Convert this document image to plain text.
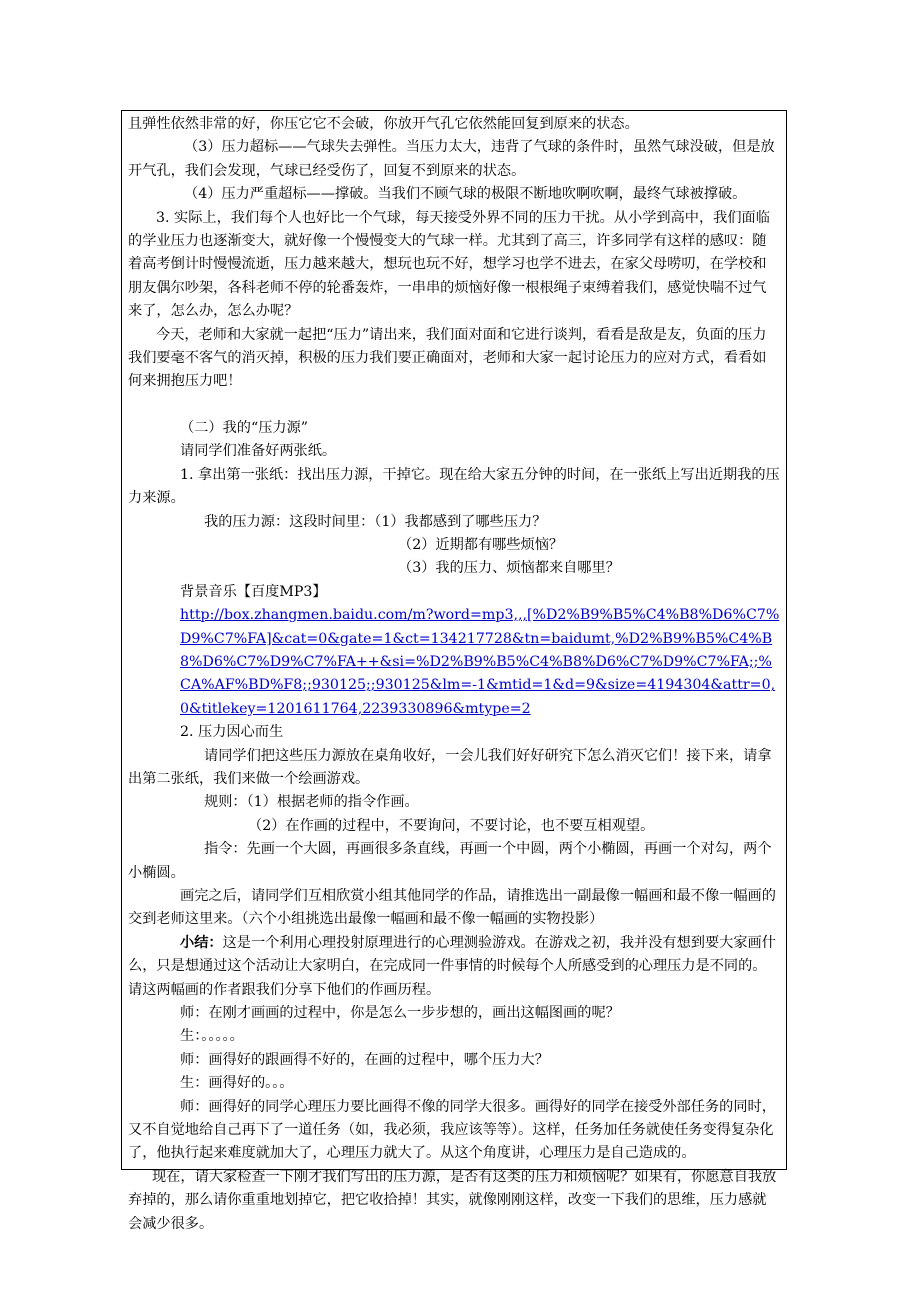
且弹性依然非常的好，你压它它不会破，你放开气孔它依然能回复到原来的状态。

（3）压力超标——气球失去弹性。当压力太大，违背了气球的条件时，虽然气球没破，但是放开气孔，我们会发现，气球已经受伤了，回复不到原来的状态。

（4）压力严重超标——撑破。当我们不顾气球的极限不断地吹啊吹啊，最终气球被撑破。

3. 实际上，我们每个人也好比一个气球，每天接受外界不同的压力干扰。从小学到高中，我们面临的学业压力也逐渐变大，就好像一个慢慢变大的气球一样。尤其到了高三，许多同学有这样的感叹：随着高考倒计时慢慢流逝，压力越来越大，想玩也玩不好，想学习也学不进去，在家父母唠叨，在学校和朋友偶尔吵架，各科老师不停的轮番轰炸，一串串的烦恼好像一根根绳子束缚着我们，感觉快喘不过气来了，怎么办，怎么办呢？

今天，老师和大家就一起把“压力”请出来，我们面对面和它进行谈判，看看是敌是友，负面的压力我们要毫不客气的消灭掉，积极的压力我们要正确面对，老师和大家一起讨论压力的应对方式，看看如何来拥抱压力吧！

（二）我的“压力源”

请同学们准备好两张纸。

1. 拿出第一张纸：找出压力源，干掉它。现在给大家五分钟的时间，在一张纸上写出近期我的压力来源。

我的压力源：这段时间里：（1）我都感到了哪些压力？

（2）近期都有哪些烦恼？

（3）我的压力、烦恼都来自哪里？

背景音乐【百度MP3】

http://box.zhangmen.baidu.com/m?word=mp3,,,[%D2%B9%B5%C4%B8%D6%C7%D9%C7%FA]&cat=0&gate=1&ct=134217728&tn=baidumt,%D2%B9%B5%C4%B8%D6%C7%D9%C7%FA++&si=%D2%B9%B5%C4%B8%D6%C7%D9%C7%FA;;%CA%AF%BD%F8;;930125;;930125&lm=-1&mtid=1&d=9&size=4194304&attr=0,0&titlekey=1201611764,2239330896&mtype=2

2. 压力因心而生

请同学们把这些压力源放在桌角收好，一会儿我们好好研究下怎么消灭它们！接下来，请拿出第二张纸，我们来做一个绘画游戏。

规则：（1）根据老师的指令作画。

（2）在作画的过程中，不要询问，不要讨论，也不要互相观望。

指令：先画一个大圆，再画很多条直线，再画一个中圆，两个小椭圆，再画一个对勾，两个小椭圆。

画完之后，请同学们互相欣赏小组其他同学的作品，请推选出一副最像一幅画和最不像一幅画的交到老师这里来。（六个小组挑选出最像一幅画和最不像一幅画的实物投影）

小结：这是一个利用心理投射原理进行的心理测验游戏。在游戏之初，我并没有想到要大家画什么，只是想通过这个活动让大家明白，在完成同一件事情的时候每个人所感受到的心理压力是不同的。请这两幅画的作者跟我们分享下他们的作画历程。

师：在刚才画画的过程中，你是怎么一步步想的，画出这幅图画的呢？

生：。。。。。

师：画得好的跟画得不好的，在画的过程中，哪个压力大？

生：画得好的。。。

师：画得好的同学心理压力要比画得不像的同学大很多。画得好的同学在接受外部任务的同时，又不自觉地给自己再下了一道任务（如，我必须，我应该等等）。这样，任务加任务就使任务变得复杂化了，他执行起来难度就加大了，心理压力就大了。从这个角度讲，心理压力是自己造成的。

现在，请大家检查一下刚才我们写出的压力源，是否有这类的压力和烦恼呢？如果有，你愿意自我放弃掉的，那么请你重重地划掉它，把它收拾掉！其实，就像刚刚这样，改变一下我们的思维，压力感就会减少很多。
